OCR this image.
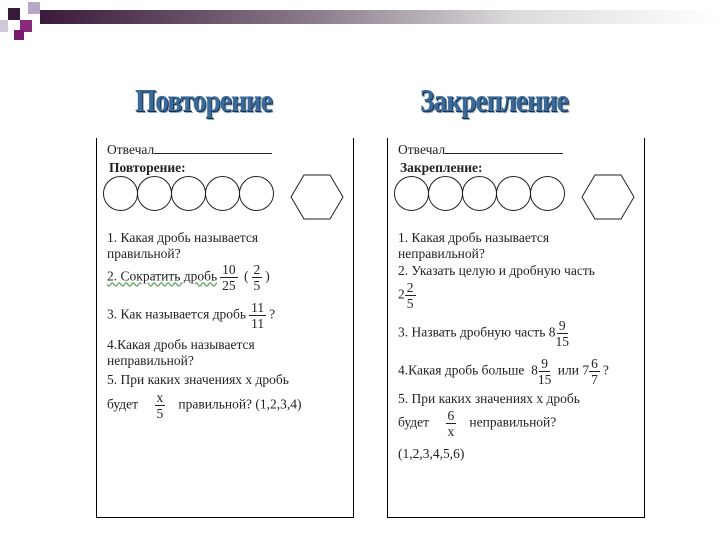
Повторение	Закрепление
Отвечал
Повторение:
1. Какая дробь называется
правильной?
2. Сократить дробь $\frac{10}{25}$ ( $\frac{2}{5}$ )
3. Как называется дробь $\frac{11}{11}$ ?
4.Какая дробь называется
неправильной?
5. При каких значениях х дробь
будет $\frac{x}{5}$ правильной? (1,2,3,4)
Отвечал
Закрепление:
1. Какая дробь называется
неправильной?
2. Указать целую и дробную часть
$2 \frac{2}{5}$
3. Назвать дробную часть $8 \frac{9}{15}$
4.Какая дробь больше $8 \frac{9}{15}$ или $7 \frac{6}{7}$ ?
5. При каких значениях х дробь
будет $\frac{6}{x}$ неправильной?
(1,2,3,4,5,6)
